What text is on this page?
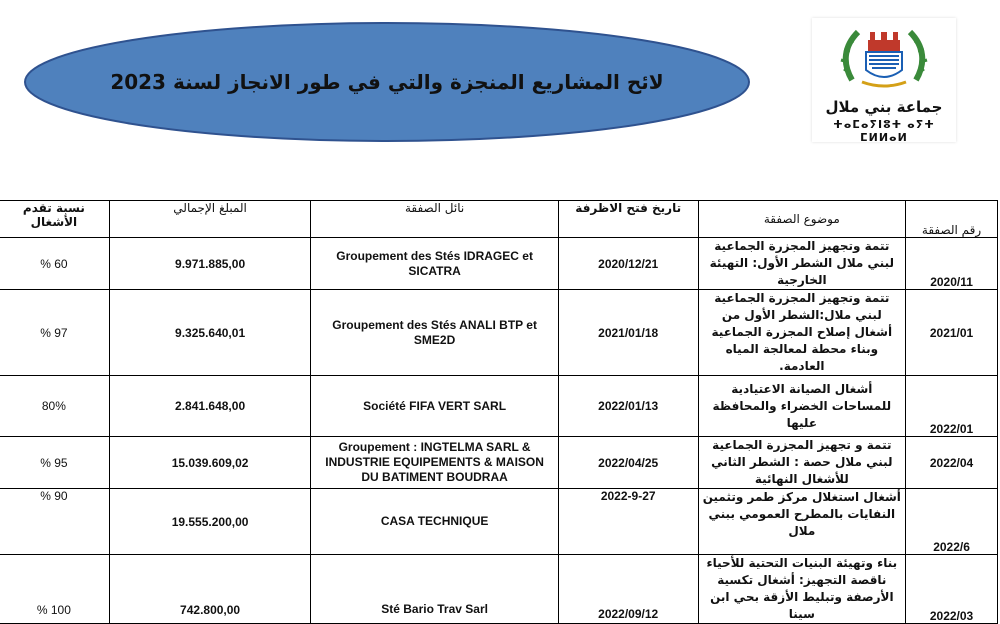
لائح المشاريع المنجزة والتي في طور الانجاز لسنة 2023
جماعة بني ملال
ⵜⴰⵎⴰⵢⵏⵓⵜ ⴰⵢⵜ ⵎⵍⵍⴰⵍ
نسبة تقدم الأشغال	المبلغ الإجمالي	نائل الصفقة	تاريخ فتح الاظرفة	موضوع الصفقة	رقم الصفقة
% 60	9.971.885,00	Groupement des Stés IDRAGEC et SICATRA	2020/12/21	تتمة وتجهيز المجزرة الجماعية لبني ملال الشطر الأول: التهيئة الخارجية	2020/11
% 97	9.325.640,01	Groupement des Stés ANALI BTP et SME2D	2021/01/18	تتمة وتجهيز المجزرة الجماعية لبني ملال:الشطر الأول من أشغال إصلاح المجزرة الجماعية وبناء محطة لمعالجة المياه العادمة.	2021/01
80%	2.841.648,00	Société FIFA VERT SARL	2022/01/13	أشغال الصيانة الاعتيادية للمساحات الخضراء والمحافظة عليها	2022/01
% 95	15.039.609,02	Groupement : INGTELMA SARL & INDUSTRIE EQUIPEMENTS & MAISON DU BATIMENT BOUDRAA	2022/04/25	تتمة و تجهيز المجزرة الجماعية لبني ملال حصة : الشطر الثاني للأشغال النهائية	2022/04
% 90	19.555.200,00	CASA TECHNIQUE	2022-9-27	أشغال استغلال مركز طمر وتثمين النفايات بالمطرح العمومي ببني ملال	2022/6
% 100	742.800,00	Sté Bario Trav Sarl	2022/09/12	بناء وتهيئة البنيات التحتية للأحياء ناقصة التجهيز: أشغال تكسية الأرصفة وتبليط الأزقة بحي ابن سينا	2022/03
